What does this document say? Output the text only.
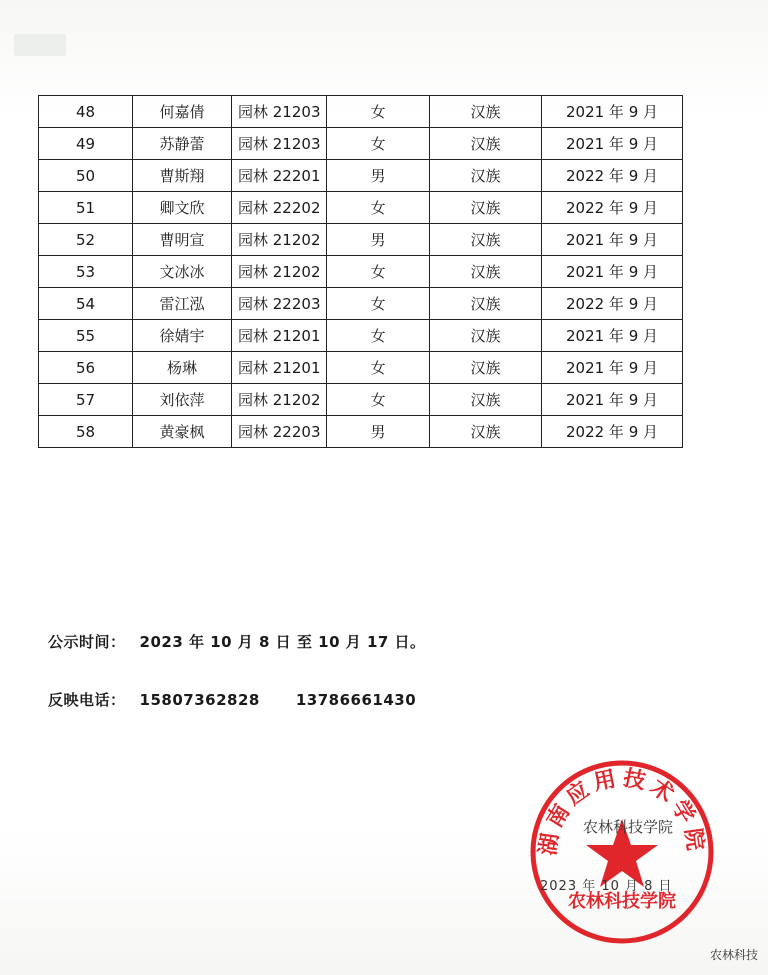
48	何嘉倩	园林 21203	女	汉族	2021 年 9 月
49	苏静蕾	园林 21203	女	汉族	2021 年 9 月
50	曹斯翔	园林 22201	男	汉族	2022 年 9 月
51	卿文欣	园林 22202	女	汉族	2022 年 9 月
52	曹明宣	园林 21202	男	汉族	2021 年 9 月
53	文冰冰	园林 21202	女	汉族	2021 年 9 月
54	雷江泓	园林 22203	女	汉族	2022 年 9 月
55	徐婧宇	园林 21201	女	汉族	2021 年 9 月
56	杨琳	园林 21201	女	汉族	2021 年 9 月
57	刘依萍	园林 21202	女	汉族	2021 年 9 月
58	黄豪枫	园林 22203	男	汉族	2022 年 9 月
公示时间： 2023 年 10 月 8 日 至 10 月 17 日。
反映电话： 15807362828 13786661430
湖南应用技术学院
农林科技学院
农林科技学院
2023 年 10 月 8 日
农林科技
